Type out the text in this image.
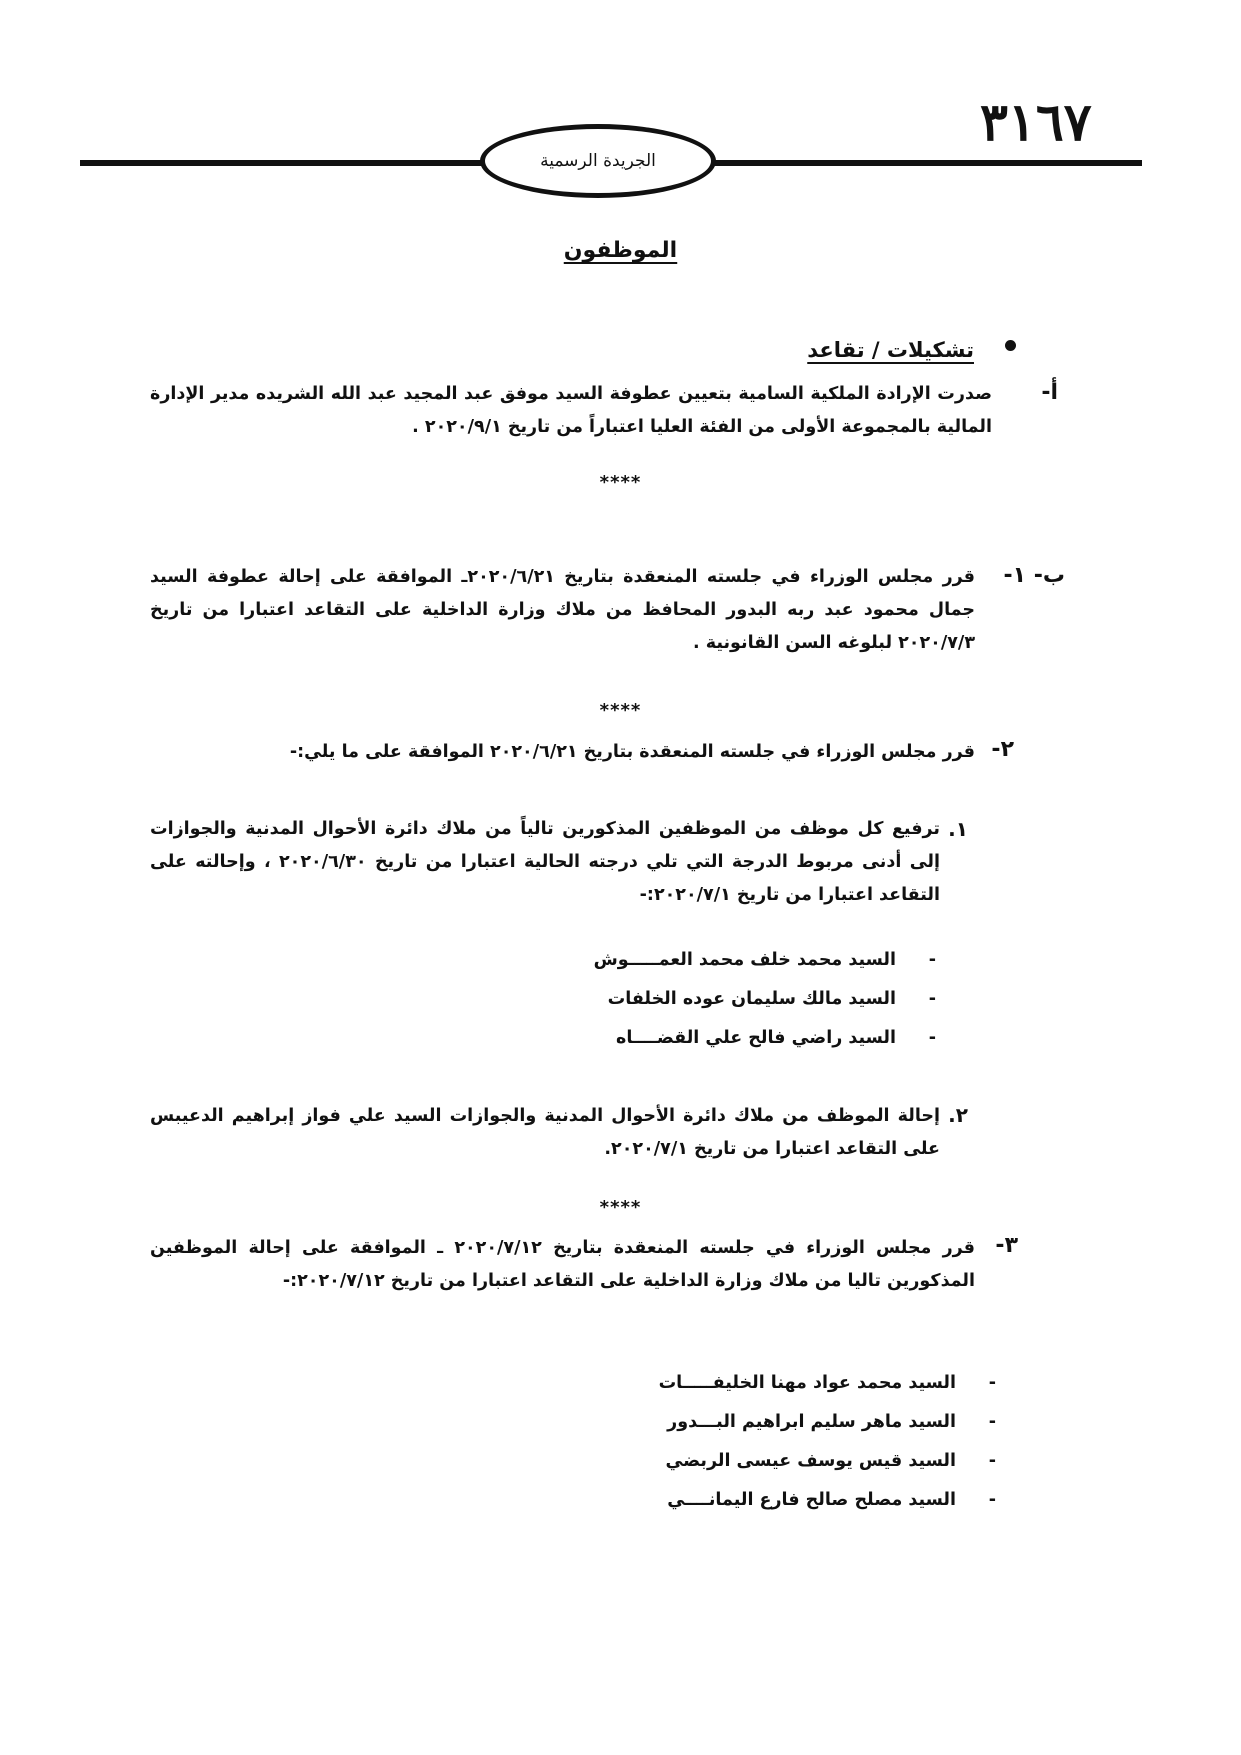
٣١٦٧
الجريدة الرسمية
الموظفون
تشكيلات / تقاعد
أ-
صدرت الإرادة الملكية السامية بتعيين عطوفة السيد موفق عبد المجيد عبد الله الشريده مدير الإدارة المالية بالمجموعة الأولى من الفئة العليا اعتباراً من تاريخ ٢٠٢٠/٩/١ .
****
ب- ١-
قرر مجلس الوزراء في جلسته المنعقدة بتاريخ ٢٠٢٠/٦/٢١ـ الموافقة على إحالة عطوفة السيد جمال محمود عبد ربه البدور المحافظ من ملاك وزارة الداخلية على التقاعد اعتبارا من تاريخ ٢٠٢٠/٧/٣ لبلوغه السن القانونية .
****
٢-
قرر مجلس الوزراء في جلسته المنعقدة بتاريخ ٢٠٢٠/٦/٢١ الموافقة على ما يلي:-
١.
ترفيع كل موظف من الموظفين المذكورين تالياً من ملاك دائرة الأحوال المدنية والجوازات إلى أدنى مربوط الدرجة التي تلي درجته الحالية اعتبارا من تاريخ ٢٠٢٠/٦/٣٠ ، وإحالته على التقاعد اعتبارا من تاريخ ٢٠٢٠/٧/١:-
-السيد محمد خلف محمد العمـــــوش
-السيد مالك سليمان عوده الخلفات
-السيد راضي فالح علي القضــــاه
٢.
إحالة الموظف من ملاك دائرة الأحوال المدنية والجوازات السيد علي فواز إبراهيم الدعيبس على التقاعد اعتبارا من تاريخ ٢٠٢٠/٧/١.
****
٣-
قرر مجلس الوزراء في جلسته المنعقدة بتاريخ ٢٠٢٠/٧/١٢ ـ الموافقة على إحالة الموظفين المذكورين تاليا من ملاك وزارة الداخلية على التقاعد اعتبارا من تاريخ ٢٠٢٠/٧/١٢:-
-السيد محمد عواد مهنا الخليفـــــات
-السيد ماهر سليم ابراهيم البـــدور
-السيد قيس يوسف عيسى الربضي
-السيد مصلح صالح فارع اليمانــــي
